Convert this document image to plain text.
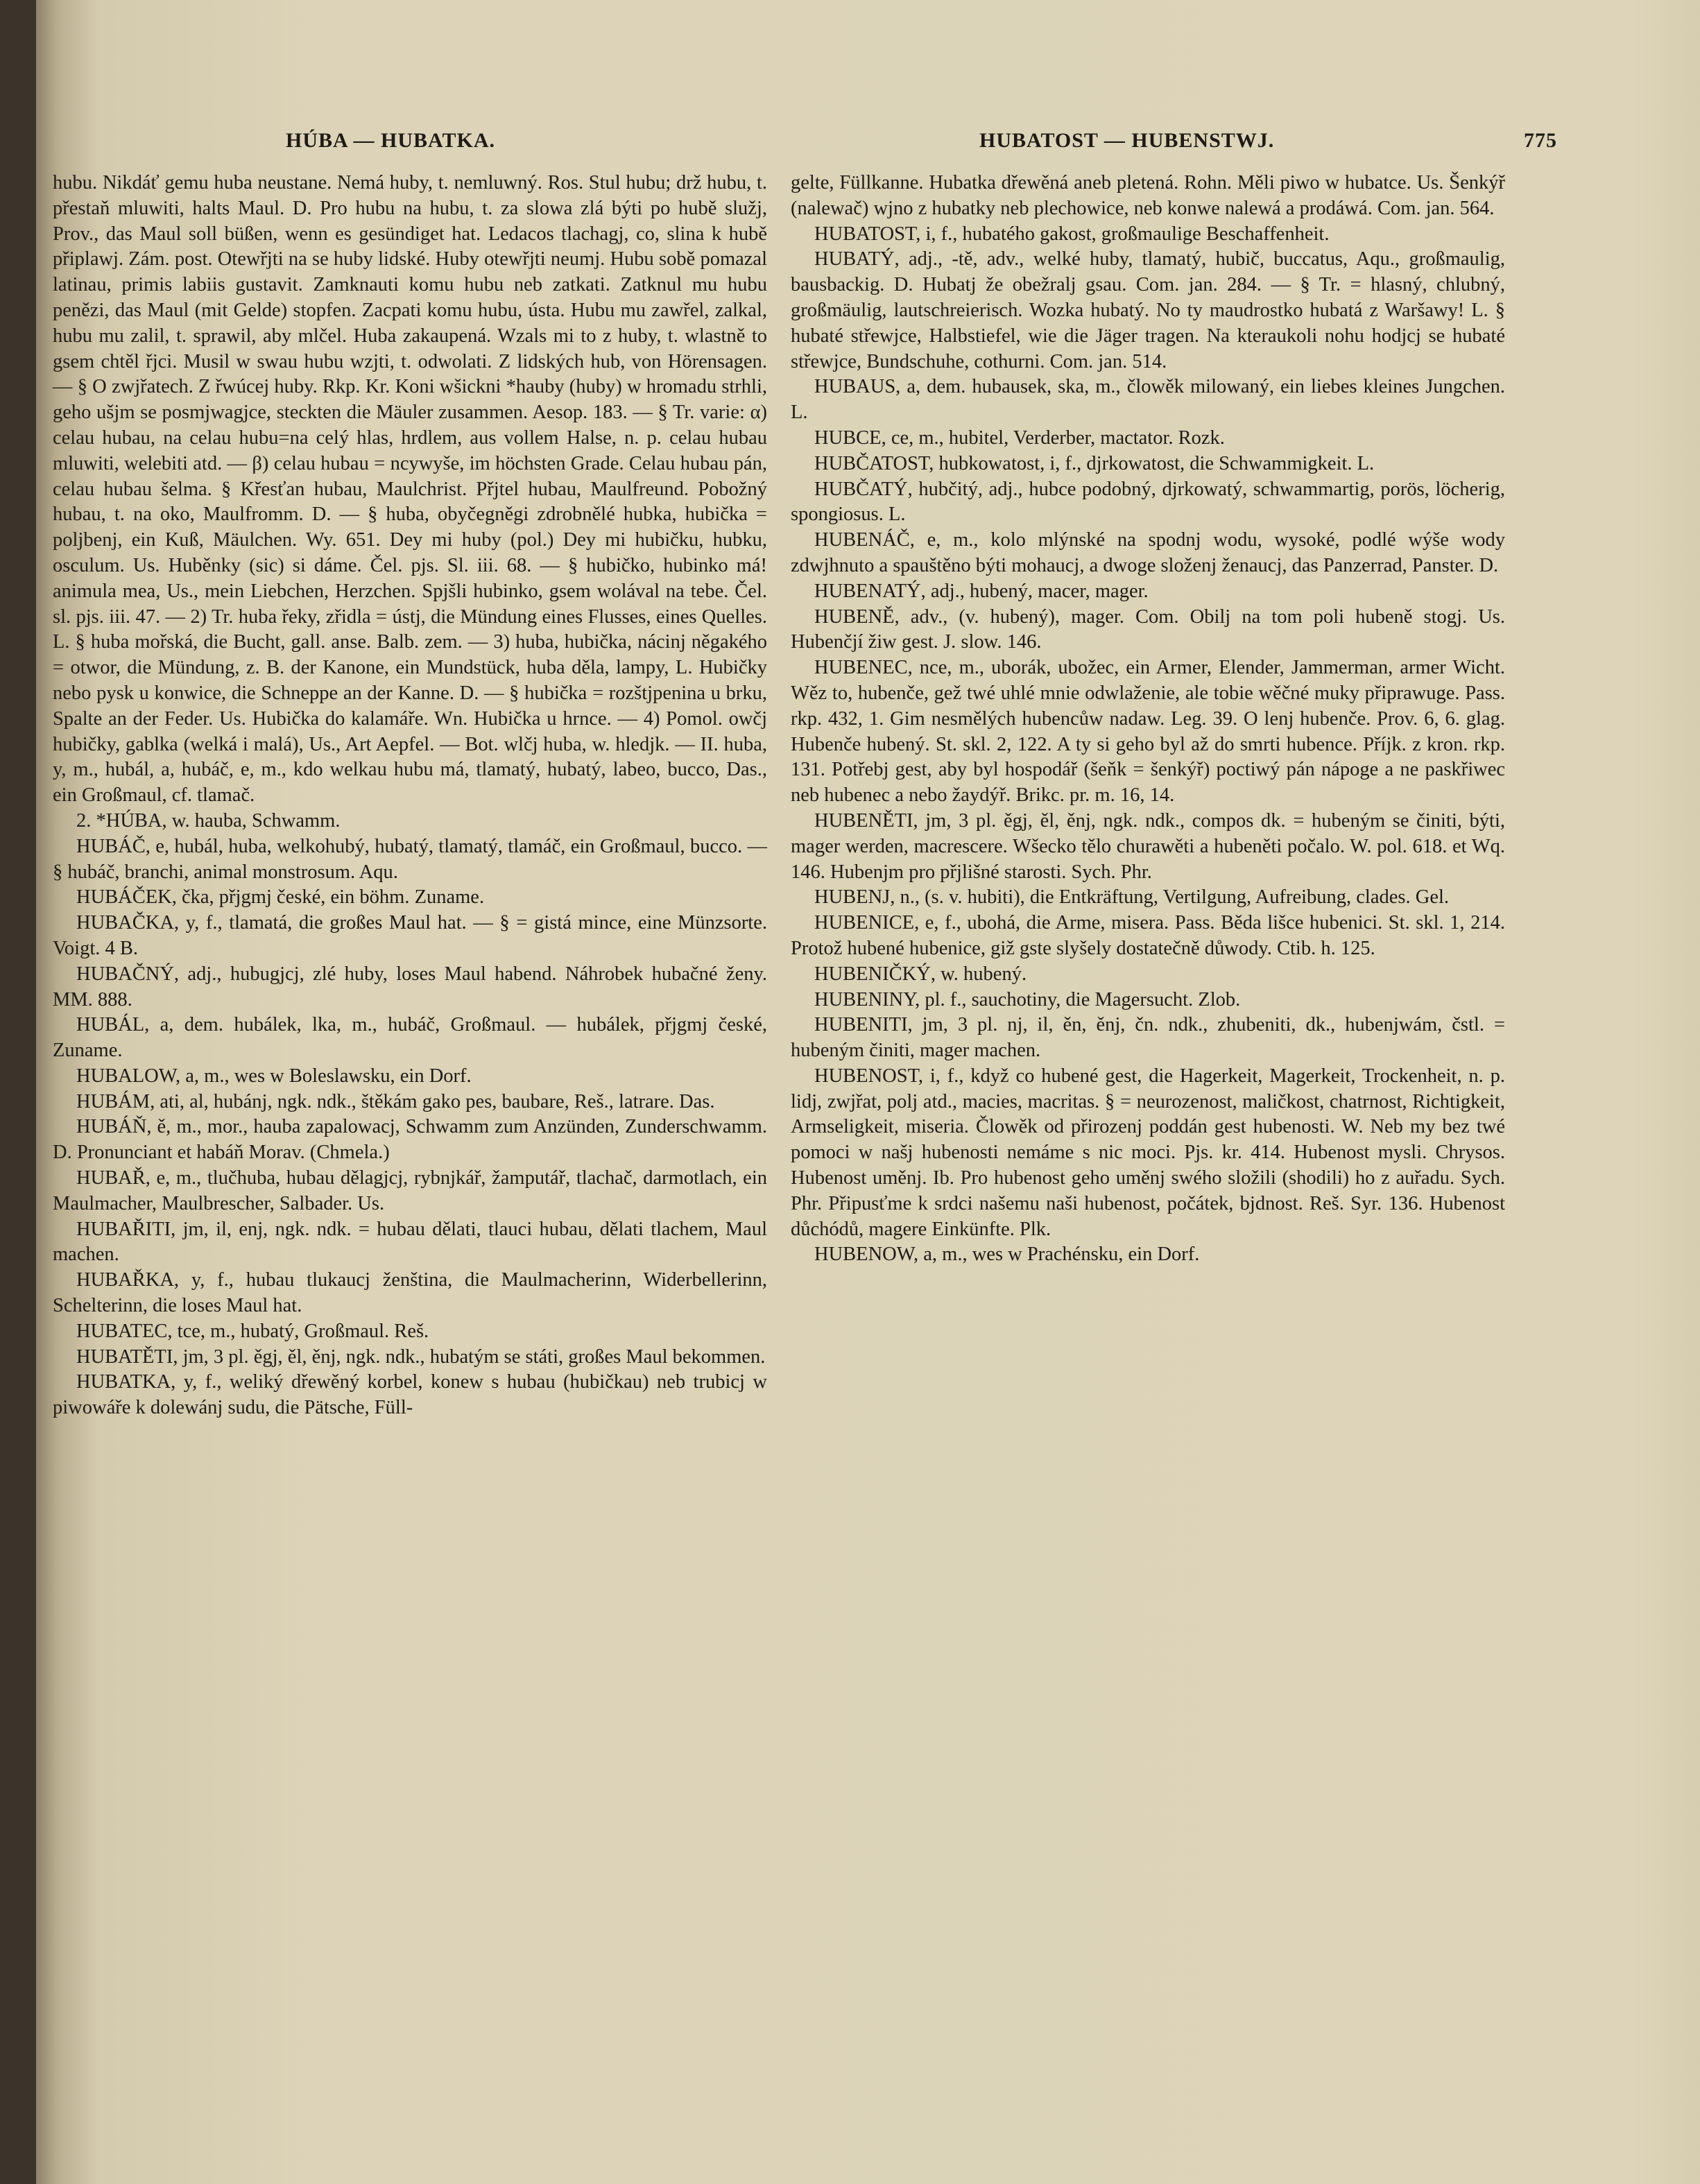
HÚBA — HUBATKA.	HUBATOST — HUBENSTWJ.	775

hubu. Nikdáť gemu huba neustane. Nemá huby, t. nemluwný. Ros. Stul hubu; drž hubu, t. přestaň mluwiti, halts Maul. D. Pro hubu na hubu, t. za slowa zlá býti po hubě služj, Prov., das Maul soll büßen, wenn es gesündiget hat. Ledacos tlachagj, co, slina k hubě připlawj. Zám. post. Otewřjti na se huby lidské. Huby otewřjti neumj. Hubu sobě pomazal latinau, primis labiis gustavit. Zamknauti komu hubu neb zatkati. Zatknul mu hubu penězi, das Maul (mit Gelde) stopfen. Zacpati komu hubu, ústa. Hubu mu zawřel, zalkal, hubu mu zalil, t. sprawil, aby mlčel. Huba zakaupená. Wzals mi to z huby, t. wlastně to gsem chtěl řjci. Musil w swau hubu wzjti, t. odwolati. Z lidských hub, von Hörensagen. — § O zwjřatech. Z řwúcej huby. Rkp. Kr. Koni wšickni *hauby (huby) w hromadu strhli, geho ušjm se posmjwagjce, steckten die Mäuler zusammen. Aesop. 183. — § Tr. varie: α) celau hubau, na celau hubu=na celý hlas, hrdlem, aus vollem Halse, n. p. celau hubau mluwiti, welebiti atd. — β) celau hubau = ncywyše, im höchsten Grade. Celau hubau pán, celau hubau šelma. § Křesťan hubau, Maulchrist. Přjtel hubau, Maulfreund. Pobožný hubau, t. na oko, Maulfromm. D. — § huba, obyčegněgi zdrobnělé hubka, hubička = poljbenj, ein Kuß, Mäulchen. Wy. 651. Dey mi huby (pol.) Dey mi hubičku, hubku, osculum. Us. Huběnky (sic) si dáme. Čel. pjs. Sl. iii. 68. — § hubičko, hubinko má! animula mea, Us., mein Liebchen, Herzchen. Spjšli hubinko, gsem wolával na tebe. Čel. sl. pjs. iii. 47. — 2) Tr. huba řeky, zřidla = ústj, die Mündung eines Flusses, eines Quelles. L. § huba mořská, die Bucht, gall. anse. Balb. zem. — 3) huba, hubička, nácinj něgakého = otwor, die Mündung, z. B. der Kanone, ein Mundstück, huba děla, lampy, L. Hubičky nebo pysk u konwice, die Schneppe an der Kanne. D. — § hubička = rozštjpenina u brku, Spalte an der Feder. Us. Hubička do kalamáře. Wn. Hubička u hrnce. — 4) Pomol. owčj hubičky, gablka (welká i malá), Us., Art Aepfel. — Bot. wlčj huba, w. hledjk. — II. huba, y, m., hubál, a, hubáč, e, m., kdo welkau hubu má, tlamatý, hubatý, labeo, bucco, Das., ein Großmaul, cf. tlamač.

2. *HÚBA, w. hauba, Schwamm.

HUBÁČ, e, hubál, huba, welkohubý, hubatý, tlamatý, tlamáč, ein Großmaul, bucco. — § hubáč, branchi, animal monstrosum. Aqu.

HUBÁČEK, čka, přjgmj české, ein böhm. Zuname.

HUBAČKA, y, f., tlamatá, die großes Maul hat. — § = gistá mince, eine Münzsorte. Voigt. 4 B.

HUBAČNÝ, adj., hubugjcj, zlé huby, loses Maul habend. Náhrobek hubačné ženy. MM. 888.

HUBÁL, a, dem. hubálek, lka, m., hubáč, Großmaul. — hubálek, přjgmj české, Zuname.

HUBALOW, a, m., wes w Boleslawsku, ein Dorf.

HUBÁM, ati, al, hubánj, ngk. ndk., štěkám gako pes, baubare, Reš., latrare. Das.

HUBÁŇ, ě, m., mor., hauba zapalowacj, Schwamm zum Anzünden, Zunderschwamm. D. Pronunciant et habáň Morav. (Chmela.)

HUBAŘ, e, m., tlučhuba, hubau dělagjcj, rybnjkář, žamputář, tlachač, darmotlach, ein Maulmacher, Maulbrescher, Salbader. Us.

HUBAŘITI, jm, il, enj, ngk. ndk. = hubau dělati, tlauci hubau, dělati tlachem, Maul machen.

HUBAŘKA, y, f., hubau tlukaucj ženština, die Maulmacherinn, Widerbellerinn, Schelterinn, die loses Maul hat.

HUBATEC, tce, m., hubatý, Großmaul. Reš.

HUBATĚTI, jm, 3 pl. ěgj, ěl, ěnj, ngk. ndk., hubatým se státi, großes Maul bekommen.

HUBATKA, y, f., weliký dřewěný korbel, konew s hubau (hubičkau) neb trubicj w piwowáře k dolewánj sudu, die Pätsche, Füll-

gelte, Füllkanne. Hubatka dřewěná aneb pletená. Rohn. Měli piwo w hubatce. Us. Šenkýř (nalewač) wjno z hubatky neb plechowice, neb konwe nalewá a prodáwá. Com. jan. 564.

HUBATOST, i, f., hubatého gakost, großmaulige Beschaffenheit.

HUBATÝ, adj., -tě, adv., welké huby, tlamatý, hubič, buccatus, Aqu., großmaulig, bausbackig. D. Hubatj že obežralj gsau. Com. jan. 284. — § Tr. = hlasný, chlubný, großmäulig, lautschreierisch. Wozka hubatý. No ty maudrostko hubatá z Waršawy! L. § hubaté střewjce, Halbstiefel, wie die Jäger tragen. Na kteraukoli nohu hodjcj se hubaté střewjce, Bundschuhe, cothurni. Com. jan. 514.

HUBAUS, a, dem. hubausek, ska, m., člowěk milowaný, ein liebes kleines Jungchen. L.

HUBCE, ce, m., hubitel, Verderber, mactator. Rozk.

HUBČATOST, hubkowatost, i, f., djrkowatost, die Schwammigkeit. L.

HUBČATÝ, hubčitý, adj., hubce podobný, djrkowatý, schwammartig, porös, löcherig, spongiosus. L.

HUBENÁČ, e, m., kolo mlýnské na spodnj wodu, wysoké, podlé wýše wody zdwjhnuto a spauštěno býti mohaucj, a dwoge složenj ženaucj, das Panzerrad, Panster. D.

HUBENATÝ, adj., hubený, macer, mager.

HUBENĚ, adv., (v. hubený), mager. Com. Obilj na tom poli hubeně stogj. Us. Hubenčjí žiw gest. J. slow. 146.

HUBENEC, nce, m., uborák, ubožec, ein Armer, Elender, Jammerman, armer Wicht. Wěz to, hubenče, gež twé uhlé mnie odwlaženie, ale tobie wěčné muky připrawuge. Pass. rkp. 432, 1. Gim nesmělých hubencůw nadaw. Leg. 39. O lenj hubenče. Prov. 6, 6. glag. Hubenče hubený. St. skl. 2, 122. A ty si geho byl až do smrti hubence. Příjk. z kron. rkp. 131. Potřebj gest, aby byl hospodář (šeňk = šenkýř) poctiwý pán nápoge a ne paskřiwec neb hubenec a nebo žaydýř. Brikc. pr. m. 16, 14.

HUBENĚTI, jm, 3 pl. ěgj, ěl, ěnj, ngk. ndk., compos dk. = hubeným se činiti, býti, mager werden, macrescere. Wšecko tělo churawěti a hubeněti počalo. W. pol. 618. et Wq. 146. Hubenjm pro přjlišné starosti. Sych. Phr.

HUBENJ, n., (s. v. hubiti), die Entkräftung, Vertilgung, Aufreibung, clades. Gel.

HUBENICE, e, f., ubohá, die Arme, misera. Pass. Běda lišce hubenici. St. skl. 1, 214. Protož hubené hubenice, giž gste slyšely dostatečně důwody. Ctib. h. 125.

HUBENIČKÝ, w. hubený.

HUBENINY, pl. f., sauchotiny, die Magersucht. Zlob.

HUBENITI, jm, 3 pl. nj, il, ěn, ěnj, čn. ndk., zhubeniti, dk., hubenjwám, čstl. = hubeným činiti, mager machen.

HUBENOST, i, f., když co hubené gest, die Hagerkeit, Magerkeit, Trockenheit, n. p. lidj, zwjřat, polj atd., macies, macritas. § = neurozenost, maličkost, chatrnost, Richtigkeit, Armseligkeit, miseria. Člowěk od přirozenj poddán gest hubenosti. W. Neb my bez twé pomoci w našj hubenosti nemáme s nic moci. Pjs. kr. 414. Hubenost mysli. Chrysos. Hubenost uměnj. Ib. Pro hubenost geho uměnj swého složili (shodili) ho z auřadu. Sych. Phr. Připusťme k srdci našemu naši hubenost, počátek, bjdnost. Reš. Syr. 136. Hubenost důchódů, magere Einkünfte. Plk.

HUBENOW, a, m., wes w Prachénsku, ein Dorf.
